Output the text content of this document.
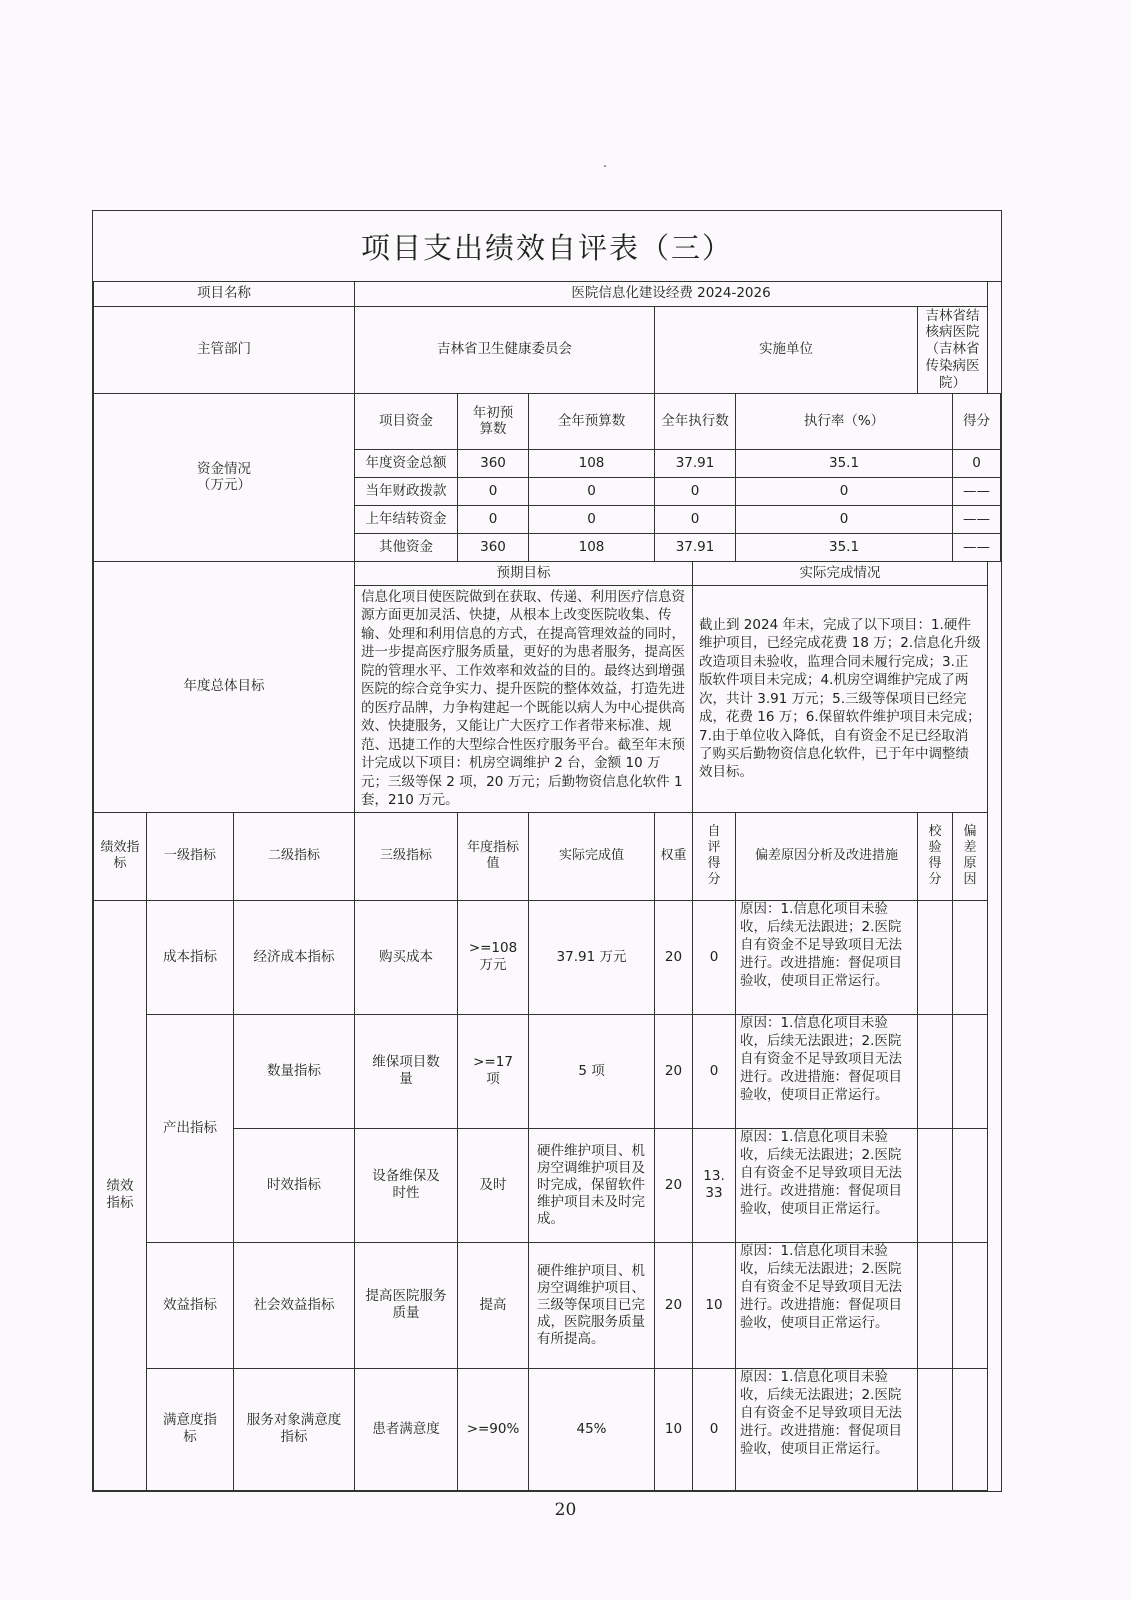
项目支出绩效自评表（三）
项目名称			医院信息化建设经费 2024-2026							
主管部门			吉林省卫生健康委员会			实施单位			吉林省结核病医院（吉林省传染病医院）	
资金情况
（万元）			项目资金	年初预算数	全年预算数	全年执行数		执行率（%）		得分
			年度资金总额	360	108	37.91		35.1		0
			当年财政拨款	0	0	0		0		——
			上年结转资金	0	0	0		0		——
			其他资金	360	108	37.91		35.1		——
年度总体目标			预期目标				实际完成情况			
			信息化项目使医院做到在获取、传递、利用医疗信息资源方面更加灵活、快捷，从根本上改变医院收集、传输、处理和利用信息的方式，在提高管理效益的同时，进一步提高医疗服务质量，更好的为患者服务，提高医院的管理水平、工作效率和效益的目的。最终达到增强医院的综合竞争实力、提升医院的整体效益，打造先进的医疗品牌，力争构建起一个既能以病人为中心提供高效、快捷服务，又能让广大医疗工作者带来标准、规范、迅捷工作的大型综合性医疗服务平台。截至年末预计完成以下项目：机房空调维护 2 台，金额 10 万元；三级等保 2 项，20 万元；后勤物资信息化软件 1 套，210 万元。				截止到 2024 年末，完成了以下项目：1.硬件维护项目，已经完成花费 18 万；2.信息化升级改造项目未验收，监理合同未履行完成；3.正版软件项目未完成；4.机房空调维护完成了两次，共计 3.91 万元；5.三级等保项目已经完成，花费 16 万；6.保留软件维护项目未完成；7.由于单位收入降低，自有资金不足已经取消了购买后勤物资信息化软件，已于年中调整绩效目标。			
绩效指标	一级指标	二级指标	三级指标	年度指标值	实际完成值	权重	自评得分	偏差原因分析及改进措施	校验得分	偏差原因
绩效指标	成本指标	经济成本指标	购买成本	>=108万元	37.91 万元	20	0	原因：1.信息化项目未验收，后续无法跟进；2.医院自有资金不足导致项目无法进行。改进措施：督促项目验收，使项目正常运行。		
	产出指标	数量指标	维保项目数量	>=17项	5 项	20	0	原因：1.信息化项目未验收，后续无法跟进；2.医院自有资金不足导致项目无法进行。改进措施：督促项目验收，使项目正常运行。		
		时效指标	设备维保及时性	及时	硬件维护项目、机房空调维护项目及时完成，保留软件维护项目未及时完成。	20	13.33	原因：1.信息化项目未验收，后续无法跟进；2.医院自有资金不足导致项目无法进行。改进措施：督促项目验收，使项目正常运行。		
	效益指标	社会效益指标	提高医院服务质量	提高	硬件维护项目、机房空调维护项目、三级等保项目已完成，医院服务质量有所提高。	20	10	原因：1.信息化项目未验收，后续无法跟进；2.医院自有资金不足导致项目无法进行。改进措施：督促项目验收，使项目正常运行。		
	满意度指标	服务对象满意度指标	患者满意度	>=90%	45%	10	0	原因：1.信息化项目未验收，后续无法跟进；2.医院自有资金不足导致项目无法进行。改进措施：督促项目验收，使项目正常运行。		
20
